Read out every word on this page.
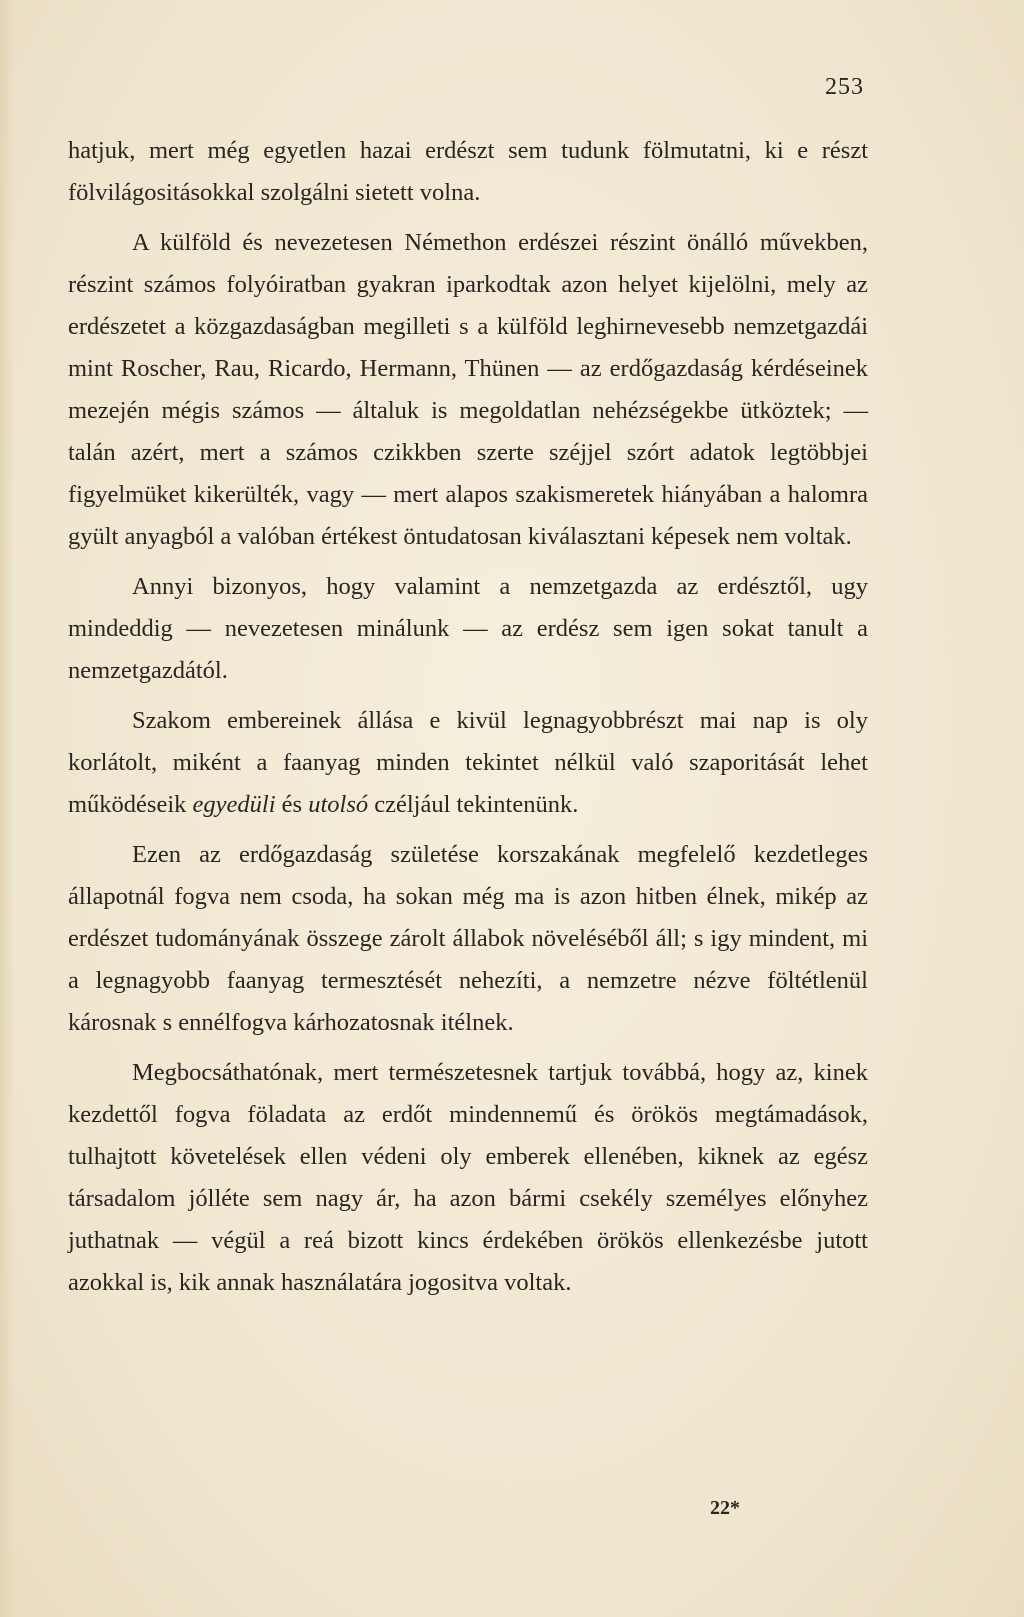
253

hatjuk, mert még egyetlen hazai erdészt sem tudunk fölmutatni, ki e részt fölvilágositásokkal szolgálni sietett volna.

A külföld és nevezetesen Némethon erdészei részint önálló művekben, részint számos folyóiratban gyakran iparkodtak azon helyet kijelölni, mely az erdészetet a közgazdaságban megilleti s a külföld leghirnevesebb nemzetgazdái mint Roscher, Rau, Ricardo, Hermann, Thünen — az erdőgazdaság kérdéseinek mezején mégis számos — általuk is megoldatlan nehézségekbe ütköztek; — talán azért, mert a számos czikkben szerte széjjel szórt adatok legtöbbjei figyelmüket kikerülték, vagy — mert alapos szakismeretek hiányában a halomra gyült anyagból a valóban értékest öntudatosan kiválasztani képesek nem voltak.

Annyi bizonyos, hogy valamint a nemzetgazda az erdésztől, ugy mindeddig — nevezetesen minálunk — az erdész sem igen sokat tanult a nemzetgazdától.

Szakom embereinek állása e kivül legnagyobbrészt mai nap is oly korlátolt, miként a faanyag minden tekintet nélkül való szaporitását lehet működéseik egyedüli és utolsó czéljául tekintenünk.

Ezen az erdőgazdaság születése korszakának megfelelő kezdetleges állapotnál fogva nem csoda, ha sokan még ma is azon hitben élnek, mikép az erdészet tudományának összege zárolt állabok növeléséből áll; s igy mindent, mi a legnagyobb faanyag termesztését nehezíti, a nemzetre nézve föltétlenül károsnak s ennélfogva kárhozatosnak itélnek.

Megbocsáthatónak, mert természetesnek tartjuk továbbá, hogy az, kinek kezdettől fogva föladata az erdőt mindennemű és örökös megtámadások, tulhajtott követelések ellen védeni oly emberek ellenében, kiknek az egész társadalom jólléte sem nagy ár, ha azon bármi csekély személyes előnyhez juthatnak — végül a reá bizott kincs érdekében örökös ellenkezésbe jutott azokkal is, kik annak használatára jogositva voltak.

22*
